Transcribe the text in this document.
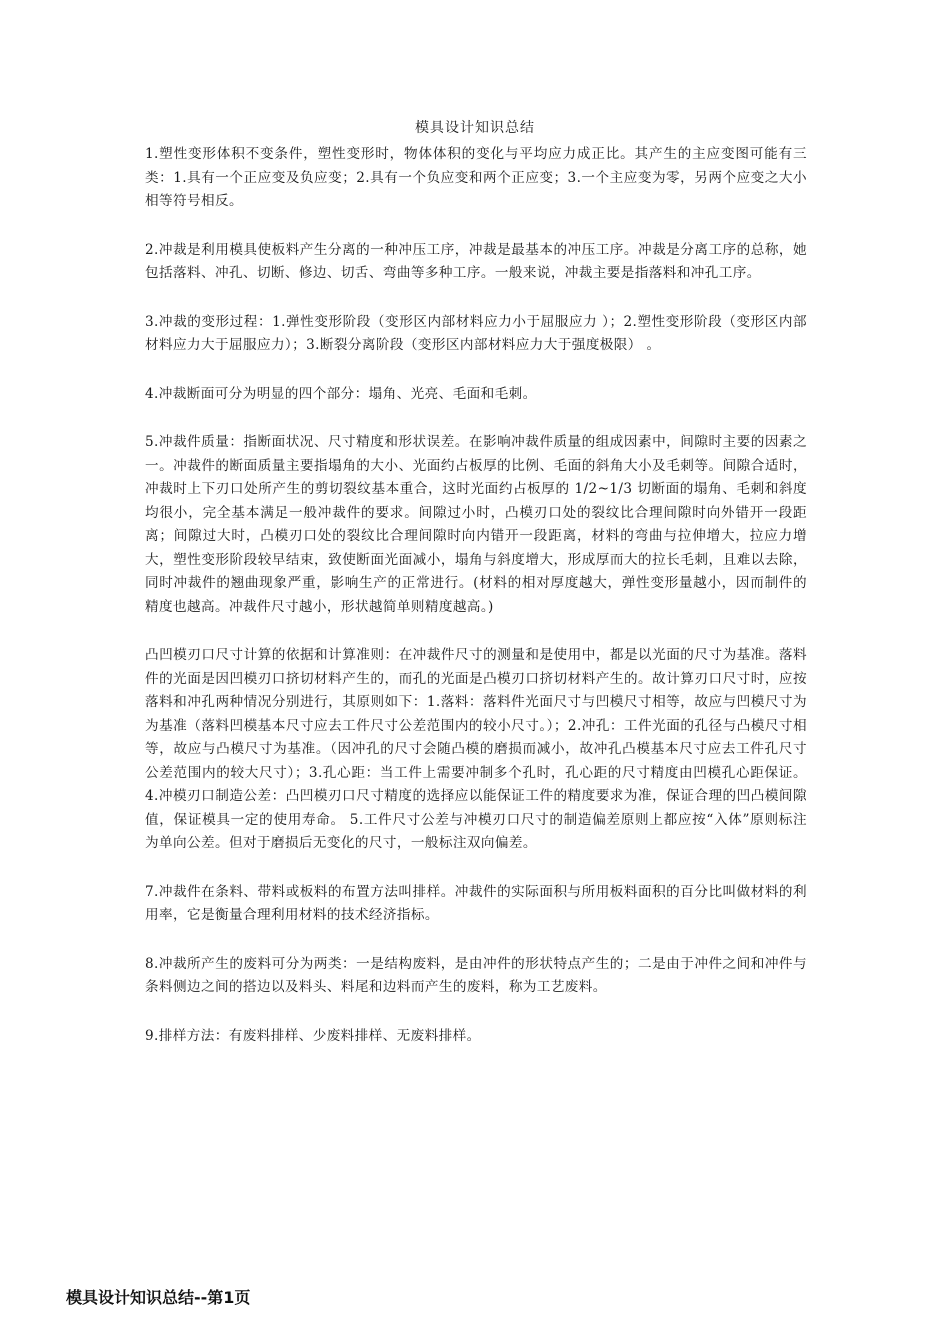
模具设计知识总结

1.塑性变形体积不变条件，塑性变形时，物体体积的变化与平均应力成正比。其产生的主应变图可能有三类：1.具有一个正应变及负应变；2.具有一个负应变和两个正应变；3.一个主应变为零，另两个应变之大小相等符号相反。

2.冲裁是利用模具使板料产生分离的一种冲压工序，冲裁是最基本的冲压工序。冲裁是分离工序的总称，她包括落料、冲孔、切断、修边、切舌、弯曲等多种工序。一般来说，冲裁主要是指落料和冲孔工序。

3.冲裁的变形过程：1.弹性变形阶段（变形区内部材料应力小于屈服应力 ）；2.塑性变形阶段（变形区内部材料应力大于屈服应力）；3.断裂分离阶段（变形区内部材料应力大于强度极限） 。

4.冲裁断面可分为明显的四个部分：塌角、光亮、毛面和毛刺。

5.冲裁件质量：指断面状况、尺寸精度和形状误差。在影响冲裁件质量的组成因素中，间隙时主要的因素之一。冲裁件的断面质量主要指塌角的大小、光面约占板厚的比例、毛面的斜角大小及毛刺等。间隙合适时，冲裁时上下刃口处所产生的剪切裂纹基本重合，这时光面约占板厚的 1/2~1/3 切断面的塌角、毛刺和斜度均很小，完全基本满足一般冲裁件的要求。间隙过小时，凸模刃口处的裂纹比合理间隙时向外错开一段距离；间隙过大时，凸模刃口处的裂纹比合理间隙时向内错开一段距离，材料的弯曲与拉伸增大，拉应力增大，塑性变形阶段较早结束，致使断面光面减小，塌角与斜度增大，形成厚而大的拉长毛刺，且难以去除，同时冲裁件的翘曲现象严重，影响生产的正常进行。(材料的相对厚度越大，弹性变形量越小，因而制件的精度也越高。冲裁件尺寸越小，形状越简单则精度越高。)

凸凹模刃口尺寸计算的依据和计算准则：在冲裁件尺寸的测量和是使用中，都是以光面的尺寸为基准。落料件的光面是因凹模刃口挤切材料产生的，而孔的光面是凸模刃口挤切材料产生的。故计算刃口尺寸时，应按落料和冲孔两种情况分别进行，其原则如下：1.落料：落料件光面尺寸与凹模尺寸相等，故应与凹模尺寸为为基准（落料凹模基本尺寸应去工件尺寸公差范围内的较小尺寸。）；2.冲孔：工件光面的孔径与凸模尺寸相等，故应与凸模尺寸为基准。（因冲孔的尺寸会随凸模的磨损而减小，故冲孔凸模基本尺寸应去工件孔尺寸公差范围内的较大尺寸）；3.孔心距：当工件上需要冲制多个孔时，孔心距的尺寸精度由凹模孔心距保证。4.冲模刃口制造公差：凸凹模刃口尺寸精度的选择应以能保证工件的精度要求为准，保证合理的凹凸模间隙值，保证模具一定的使用寿命。 5.工件尺寸公差与冲模刃口尺寸的制造偏差原则上都应按“入体”原则标注为单向公差。但对于磨损后无变化的尺寸，一般标注双向偏差。

7.冲裁件在条料、带料或板料的布置方法叫排样。冲裁件的实际面积与所用板料面积的百分比叫做材料的利用率，它是衡量合理利用材料的技术经济指标。

8.冲裁所产生的废料可分为两类：一是结构废料，是由冲件的形状特点产生的；二是由于冲件之间和冲件与条料侧边之间的搭边以及料头、料尾和边料而产生的废料，称为工艺废料。

9.排样方法：有废料排样、少废料排样、无废料排样。

模具设计知识总结--第1页
